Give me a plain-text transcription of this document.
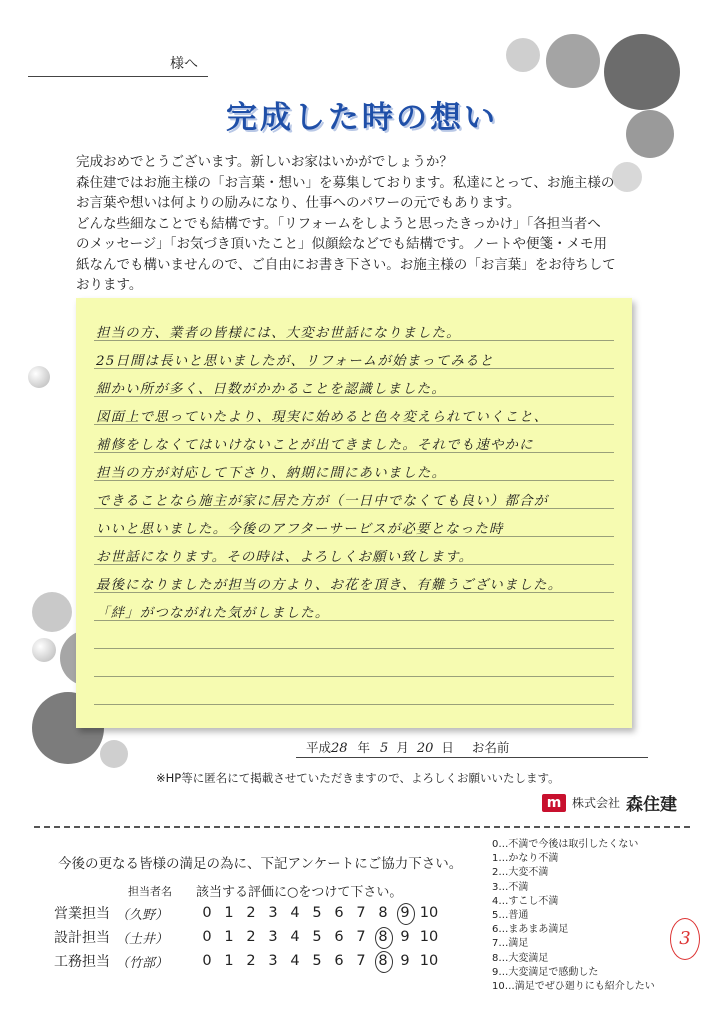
様へ
完成した時の想い

完成おめでとうございます。新しいお家はいかがでしょうか？

森住建ではお施主様の「お言葉・想い」を募集しております。私達にとって、お施主様の

お言葉や想いは何よりの励みになり、仕事へのパワーの元でもあります。

どんな些細なことでも結構です。「リフォームをしようと思ったきっかけ」「各担当者へ

のメッセージ」「お気づき頂いたこと」似顔絵などでも結構です。ノートや便箋・メモ用

紙なんでも構いませんので、ご自由にお書き下さい。お施主様の「お言葉」をお待ちして

おります。

担当の方、業者の皆様には、大変お世話になりました。
25日間は長いと思いましたが、リフォームが始まってみると
細かい所が多く、日数がかかることを認識しました。
図面上で思っていたより、現実に始めると色々変えられていくこと、
補修をしなくてはいけないことが出てきました。それでも速やかに
担当の方が対応して下さり、納期に間にあいました。
できることなら施主が家に居た方が（一日中でなくても良い）都合が
いいと思いました。今後のアフターサービスが必要となった時
お世話になります。その時は、よろしくお願い致します。
最後になりましたが担当の方より、お花を頂き、有難うございました。
「絆」がつながれた気がしました。
平成28 年 5 月 20 日 お名前
※HP等に匿名にて掲載させていただきますので、よろしくお願いいたします。
m 株式会社 森住建
今後の更なる皆様の満足の為に、下記アンケートにご協力下さい。
担当者名 該当する評価に○をつけて下さい。
営業担当 （久野）	0 1 2 3 4 5 6 7 8 9 10
設計担当 （土井）	0 1 2 3 4 5 6 7 8 9 10
工務担当 （竹部）	0 1 2 3 4 5 6 7 8 9 10
0…不満で今後は取引したくない
1…かなり不満
2…大変不満
3…不満
4…すこし不満
5…普通
6…まあまあ満足
7…満足
8…大変満足
9…大変満足で感動した
10…満足でぜひ廻りにも紹介したい
3
